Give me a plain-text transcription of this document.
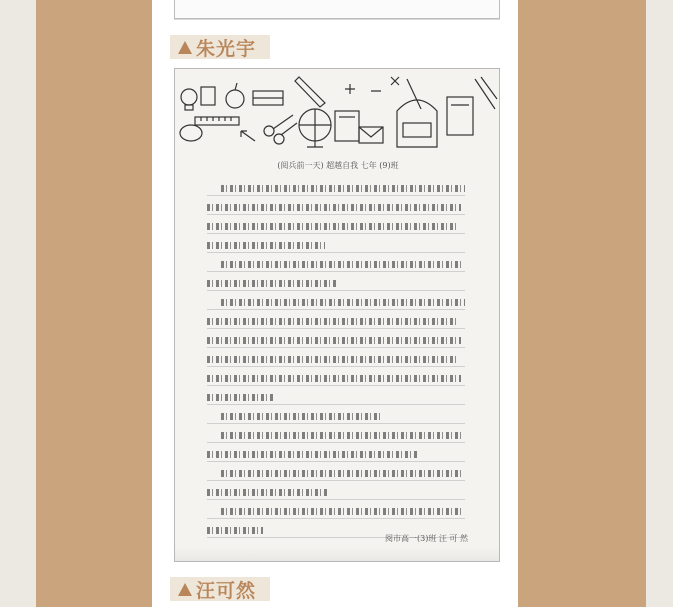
朱光宇
(阅兵前一天) 超越自我 七年 (9)班
阅市高一(3)班 汪 可 然
汪可然
